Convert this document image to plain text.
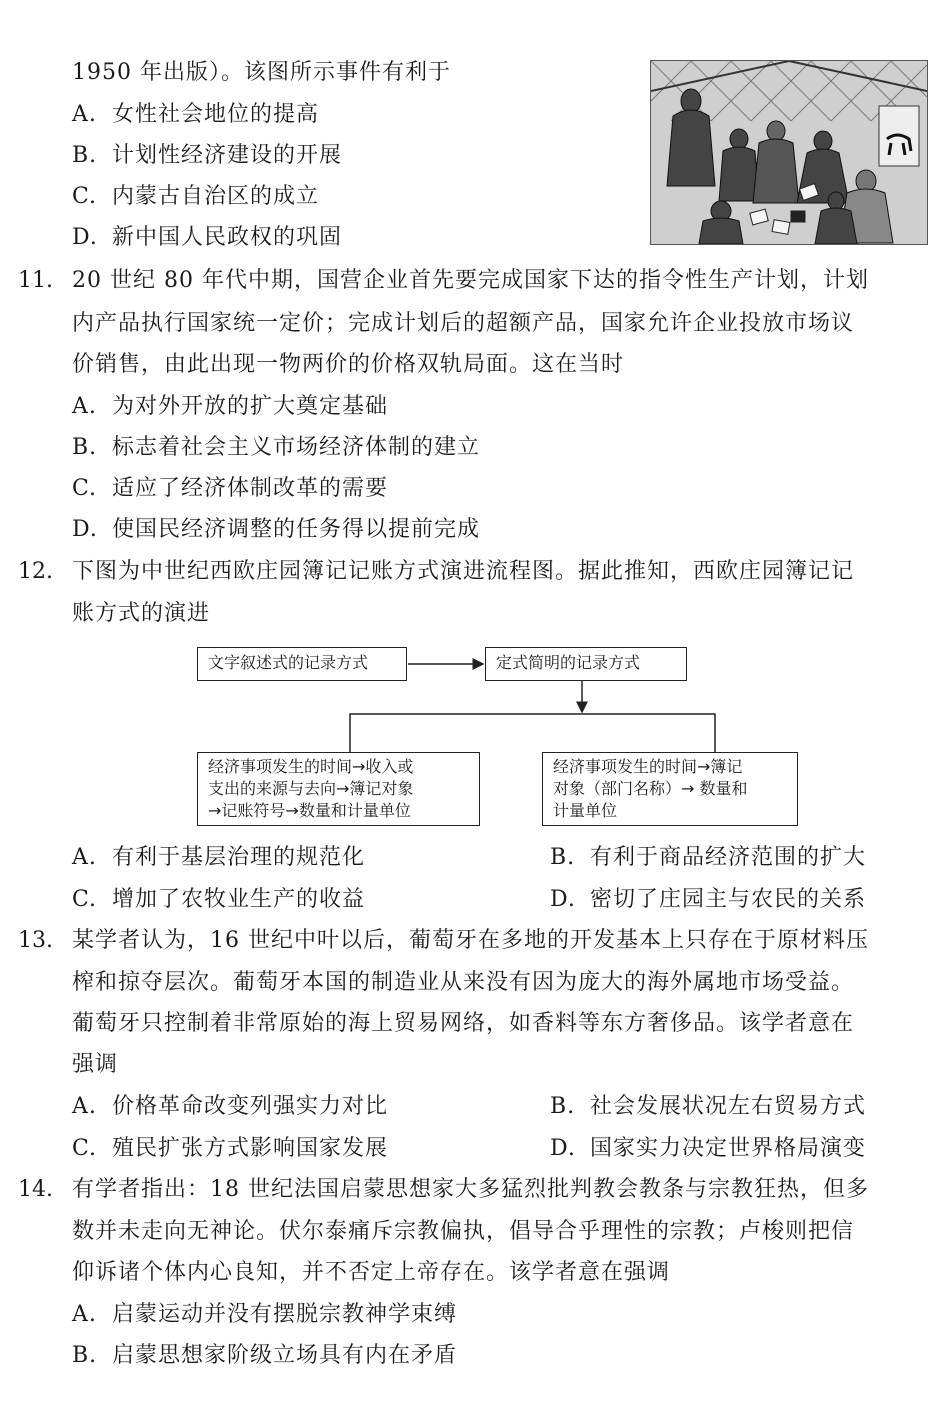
1950 年出版）。该图所示事件有利于
A. 女性社会地位的提高
B. 计划性经济建设的开展
C. 内蒙古自治区的成立
D. 新中国人民政权的巩固
11. 20 世纪 80 年代中期，国营企业首先要完成国家下达的指令性生产计划，计划
内产品执行国家统一定价；完成计划后的超额产品，国家允许企业投放市场议
价销售，由此出现一物两价的价格双轨局面。这在当时
A. 为对外开放的扩大奠定基础
B. 标志着社会主义市场经济体制的建立
C. 适应了经济体制改革的需要
D. 使国民经济调整的任务得以提前完成
12. 下图为中世纪西欧庄园簿记记账方式演进流程图。据此推知，西欧庄园簿记记
账方式的演进
文字叙述式的记录方式	定式简明的记录方式
经济事项发生的时间→收入或
支出的来源与去向→簿记对象
→记账符号→数量和计量单位
经济事项发生的时间→簿记
对象（部门名称）→ 数量和
计量单位
A. 有利于基层治理的规范化	B. 有利于商品经济范围的扩大
C. 增加了农牧业生产的收益	D. 密切了庄园主与农民的关系
13. 某学者认为，16 世纪中叶以后，葡萄牙在多地的开发基本上只存在于原材料压
榨和掠夺层次。葡萄牙本国的制造业从来没有因为庞大的海外属地市场受益。
葡萄牙只控制着非常原始的海上贸易网络，如香料等东方奢侈品。该学者意在
强调
A. 价格革命改变列强实力对比	B. 社会发展状况左右贸易方式
C. 殖民扩张方式影响国家发展	D. 国家实力决定世界格局演变
14. 有学者指出：18 世纪法国启蒙思想家大多猛烈批判教会教条与宗教狂热，但多
数并未走向无神论。伏尔泰痛斥宗教偏执，倡导合乎理性的宗教；卢梭则把信
仰诉诸个体内心良知，并不否定上帝存在。该学者意在强调
A. 启蒙运动并没有摆脱宗教神学束缚
B. 启蒙思想家阶级立场具有内在矛盾
